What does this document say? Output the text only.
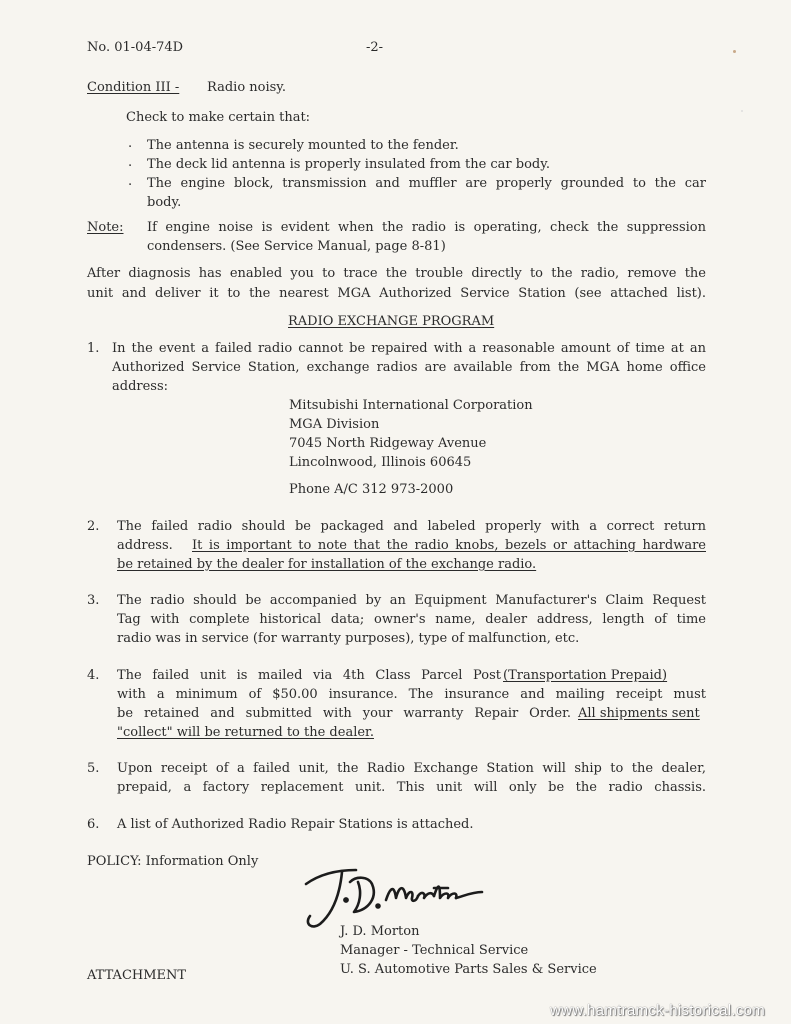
No. 01-04-74D	-2-
Condition III - Radio noisy.
Check to make certain that:
. The antenna is securely mounted to the fender.
. The deck lid antenna is properly insulated from the car body.
. The engine block, transmission and muffler are properly grounded to the car
body.
Note: If engine noise is evident when the radio is operating, check the suppression
condensers. (See Service Manual, page 8-81)
After diagnosis has enabled you to trace the trouble directly to the radio, remove the
unit and deliver it to the nearest MGA Authorized Service Station (see attached list).
RADIO EXCHANGE PROGRAM
1. In the event a failed radio cannot be repaired with a reasonable amount of time at an
Authorized Service Station, exchange radios are available from the MGA home office
address:
Mitsubishi International Corporation
MGA Division
7045 North Ridgeway Avenue
Lincolnwood, Illinois 60645
Phone A/C 312 973-2000
2. The failed radio should be packaged and labeled properly with a correct return
address. It is important to note that the radio knobs, bezels or attaching hardware
be retained by the dealer for installation of the exchange radio.
3. The radio should be accompanied by an Equipment Manufacturer's Claim Request
Tag with complete historical data; owner's name, dealer address, length of time
radio was in service (for warranty purposes), type of malfunction, etc.
4. The failed unit is mailed via 4th Class Parcel Post (Transportation Prepaid)
with a minimum of $50.00 insurance. The insurance and mailing receipt must
be retained and submitted with your warranty Repair Order. All shipments sent
"collect" will be returned to the dealer.
5. Upon receipt of a failed unit, the Radio Exchange Station will ship to the dealer,
prepaid, a factory replacement unit. This unit will only be the radio chassis.
6. A list of Authorized Radio Repair Stations is attached.
POLICY: Information Only
J. D. Morton
Manager - Technical Service
U. S. Automotive Parts Sales & Service
ATTACHMENT
www.hamtramck-historical.com
